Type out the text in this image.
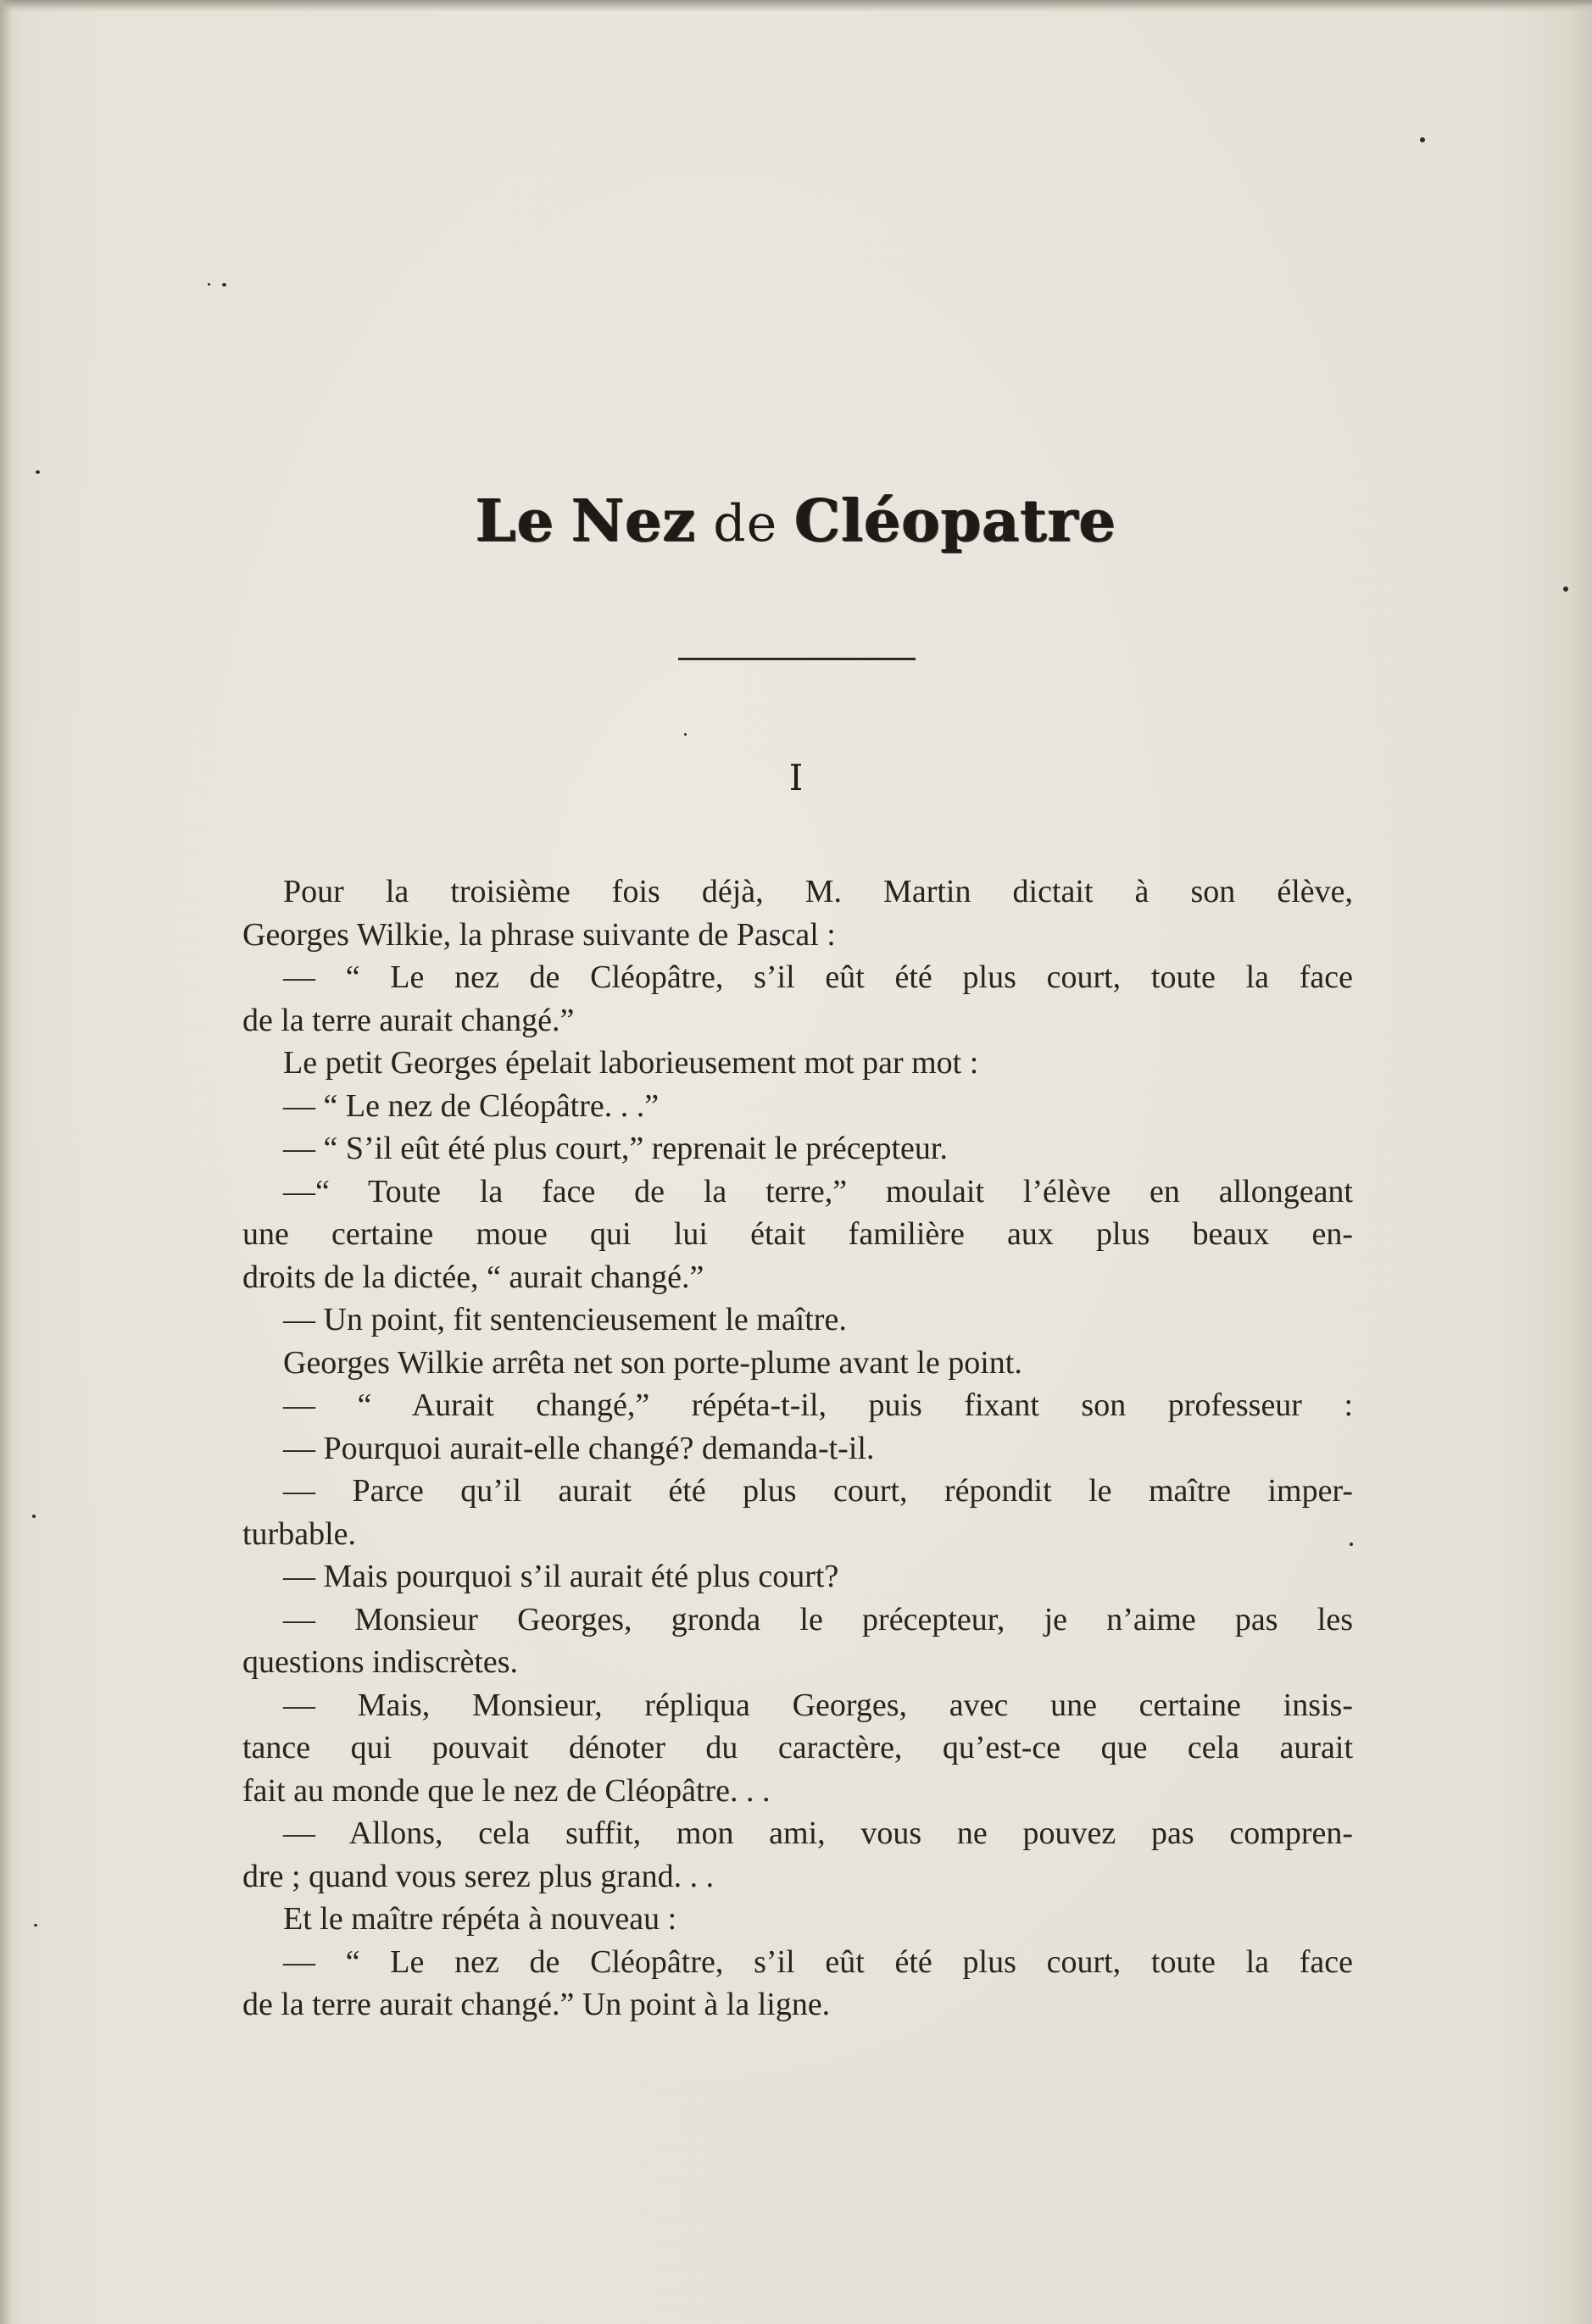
Le Nez de Cléopatre
I
Pour la troisième fois déjà, M. Martin dictait à son élève,
Georges Wilkie, la phrase suivante de Pascal :
— “ Le nez de Cléopâtre, s’il eût été plus court, toute la face
de la terre aurait changé.”
Le petit Georges épelait laborieusement mot par mot :
— “ Le nez de Cléopâtre. . .”
— “ S’il eût été plus court,” reprenait le précepteur.
—“ Toute la face de la terre,” moulait l’élève en allongeant
une certaine moue qui lui était familière aux plus beaux en-
droits de la dictée, “ aurait changé.”
— Un point, fit sentencieusement le maître.
Georges Wilkie arrêta net son porte-plume avant le point.
— “ Aurait changé,” répéta-t-il, puis fixant son professeur :
— Pourquoi aurait-elle changé? demanda-t-il.
— Parce qu’il aurait été plus court, répondit le maître imper-
turbable.
— Mais pourquoi s’il aurait été plus court?
— Monsieur Georges, gronda le précepteur, je n’aime pas les
questions indiscrètes.
— Mais, Monsieur, répliqua Georges, avec une certaine insis-
tance qui pouvait dénoter du caractère, qu’est-ce que cela aurait
fait au monde que le nez de Cléopâtre. . .
— Allons, cela suffit, mon ami, vous ne pouvez pas compren-
dre ; quand vous serez plus grand. . .
Et le maître répéta à nouveau :
— “ Le nez de Cléopâtre, s’il eût été plus court, toute la face
de la terre aurait changé.” Un point à la ligne.
